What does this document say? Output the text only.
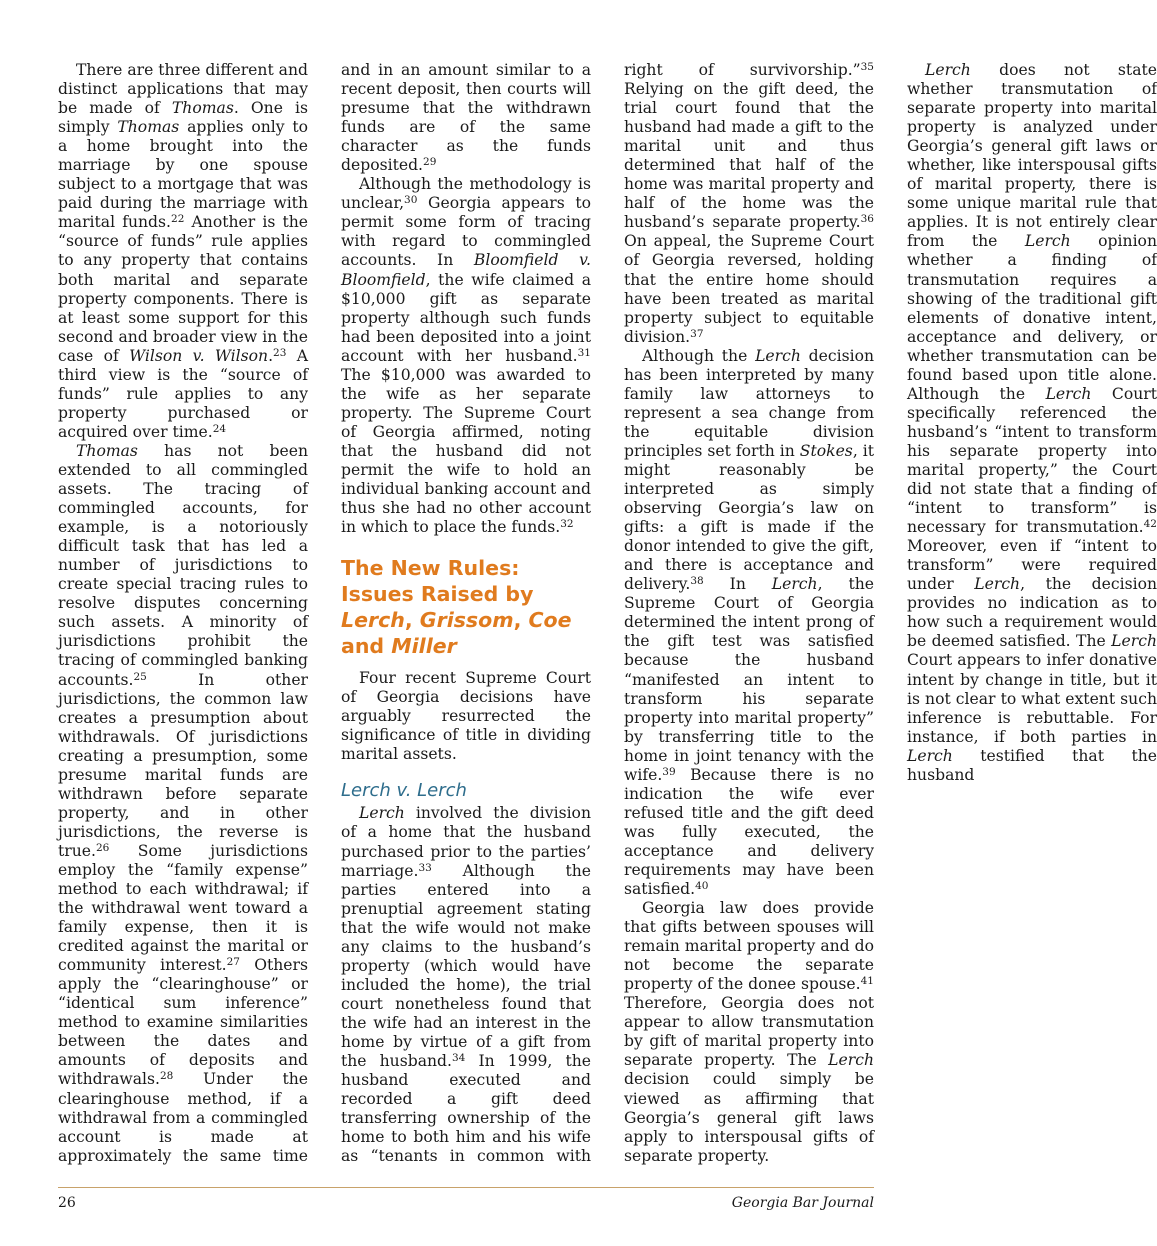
26	Georgia Bar Journal

There are three different and distinct applications that may be made of Thomas. One is simply Thomas applies only to a home brought into the marriage by one spouse subject to a mortgage that was paid during the marriage with marital funds.$^{22}$ Another is the “source of funds” rule applies to any property that contains both marital and separate property components. There is at least some support for this second and broader view in the case of Wilson v. Wilson.$^{23}$ A third view is the “source of funds” rule applies to any property purchased or acquired over time.$^{24}$

Thomas has not been extended to all commingled assets. The tracing of commingled accounts, for example, is a notoriously difficult task that has led a number of jurisdictions to create special tracing rules to resolve disputes concerning such assets. A minority of jurisdictions prohibit the tracing of commingled banking accounts.$^{25}$ In other jurisdictions, the common law creates a presumption about withdrawals. Of jurisdictions creating a presumption, some presume marital funds are withdrawn before separate property, and in other jurisdictions, the reverse is true.$^{26}$ Some jurisdictions employ the “family expense” method to each withdrawal; if the withdrawal went toward a family expense, then it is credited against the marital or community interest.$^{27}$ Others apply the “clearinghouse” or “identical sum inference” method to examine similarities between the dates and amounts of deposits and withdrawals.$^{28}$ Under the clearinghouse method, if a withdrawal from a commingled account is made at approximately the same time and in an amount similar to a recent deposit, then courts will presume that the withdrawn funds are of the same character as the funds deposited.$^{29}$

Although the methodology is unclear,$^{30}$ Georgia appears to permit some form of tracing with regard to commingled accounts. In Bloomfield v. Bloomfield, the wife claimed a $10,000 gift as separate property although such funds had been deposited into a joint account with her husband.$^{31}$ The $10,000 was awarded to the wife as her separate property. The Supreme Court of Georgia affirmed, noting that the husband did not permit the wife to hold an individual banking account and thus she had no other account in which to place the funds.$^{32}$

The New Rules: Issues Raised by Lerch, Grissom, Coe and Miller

Four recent Supreme Court of Georgia decisions have arguably resurrected the significance of title in dividing marital assets.

Lerch v. Lerch

Lerch involved the division of a home that the husband purchased prior to the parties’ marriage.$^{33}$ Although the parties entered into a prenuptial agreement stating that the wife would not make any claims to the husband’s property (which would have included the home), the trial court nonetheless found that the wife had an interest in the home by virtue of a gift from the husband.$^{34}$ In 1999, the husband executed and recorded a gift deed transferring ownership of the home to both him and his wife as “tenants in common with right of survivorship.”$^{35}$ Relying on the gift deed, the trial court found that the husband had made a gift to the marital unit and thus determined that half of the home was marital property and half of the home was the husband’s separate property.$^{36}$ On appeal, the Supreme Court of Georgia reversed, holding that the entire home should have been treated as marital property subject to equitable division.$^{37}$

Although the Lerch decision has been interpreted by many family law attorneys to represent a sea change from the equitable division principles set forth in Stokes, it might reasonably be interpreted as simply observing Georgia’s law on gifts: a gift is made if the donor intended to give the gift, and there is acceptance and delivery.$^{38}$ In Lerch, the Supreme Court of Georgia determined the intent prong of the gift test was satisfied because the husband “manifested an intent to transform his separate property into marital property” by transferring title to the home in joint tenancy with the wife.$^{39}$ Because there is no indication the wife ever refused title and the gift deed was fully executed, the acceptance and delivery requirements may have been satisfied.$^{40}$

Georgia law does provide that gifts between spouses will remain marital property and do not become the separate property of the donee spouse.$^{41}$ Therefore, Georgia does not appear to allow transmutation by gift of marital property into separate property. The Lerch decision could simply be viewed as affirming that Georgia’s general gift laws apply to interspousal gifts of separate property.

Lerch does not state whether transmutation of separate property into marital property is analyzed under Georgia’s general gift laws or whether, like interspousal gifts of marital property, there is some unique marital rule that applies. It is not entirely clear from the Lerch opinion whether a finding of transmutation requires a showing of the traditional gift elements of donative intent, acceptance and delivery, or whether transmutation can be found based upon title alone. Although the Lerch Court specifically referenced the husband’s “intent to transform his separate property into marital property,” the Court did not state that a finding of “intent to transform” is necessary for transmutation.$^{42}$ Moreover, even if “intent to transform” were required under Lerch, the decision provides no indication as to how such a requirement would be deemed satisfied. The Lerch Court appears to infer donative intent by change in title, but it is not clear to what extent such inference is rebuttable. For instance, if both parties in Lerch testified that the husband
